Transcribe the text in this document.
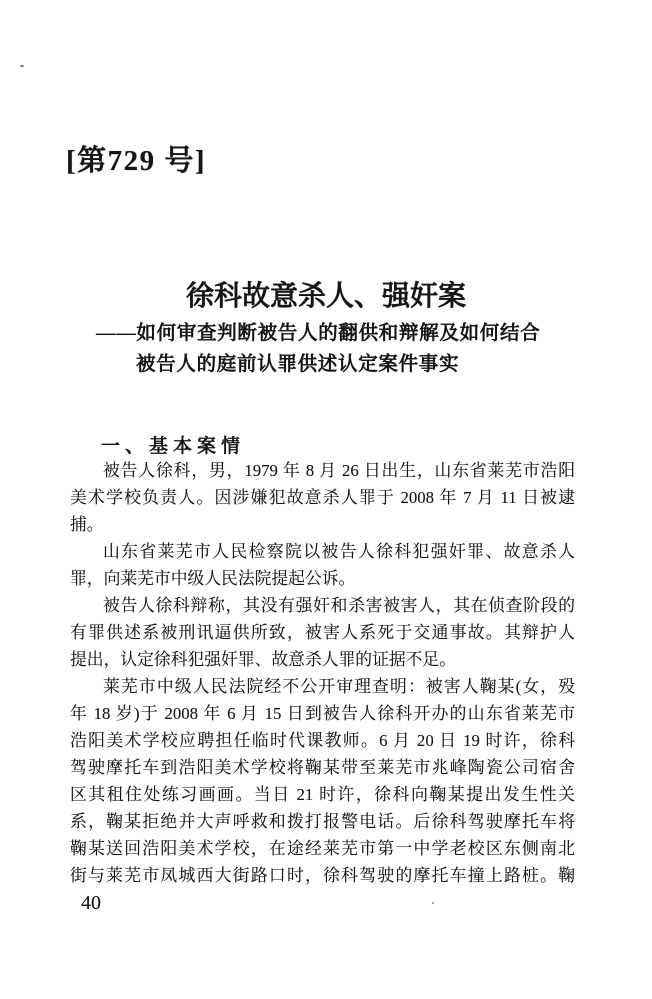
[第729 号]
徐科故意杀人、强奸案
——如何审查判断被告人的翻供和辩解及如何结合
被告人的庭前认罪供述认定案件事实
一、基本案情
被告人徐科，男，1979 年 8 月 26 日出生，山东省莱芜市浩阳
美术学校负责人。因涉嫌犯故意杀人罪于 2008 年 7 月 11 日被逮
捕。
山东省莱芜市人民检察院以被告人徐科犯强奸罪、故意杀人
罪，向莱芜市中级人民法院提起公诉。
被告人徐科辩称，其没有强奸和杀害被害人，其在侦查阶段的
有罪供述系被刑讯逼供所致，被害人系死于交通事故。其辩护人
提出，认定徐科犯强奸罪、故意杀人罪的证据不足。
莱芜市中级人民法院经不公开审理查明：被害人鞠某(女，殁
年 18 岁)于 2008 年 6 月 15 日到被告人徐科开办的山东省莱芜市
浩阳美术学校应聘担任临时代课教师。6 月 20 日 19 时许，徐科
驾驶摩托车到浩阳美术学校将鞠某带至莱芜市兆峰陶瓷公司宿舍
区其租住处练习画画。当日 21 时许，徐科向鞠某提出发生性关
系，鞠某拒绝并大声呼救和拨打报警电话。后徐科驾驶摩托车将
鞠某送回浩阳美术学校，在途经莱芜市第一中学老校区东侧南北
街与莱芜市凤城西大街路口时，徐科驾驶的摩托车撞上路桩。鞠
40
